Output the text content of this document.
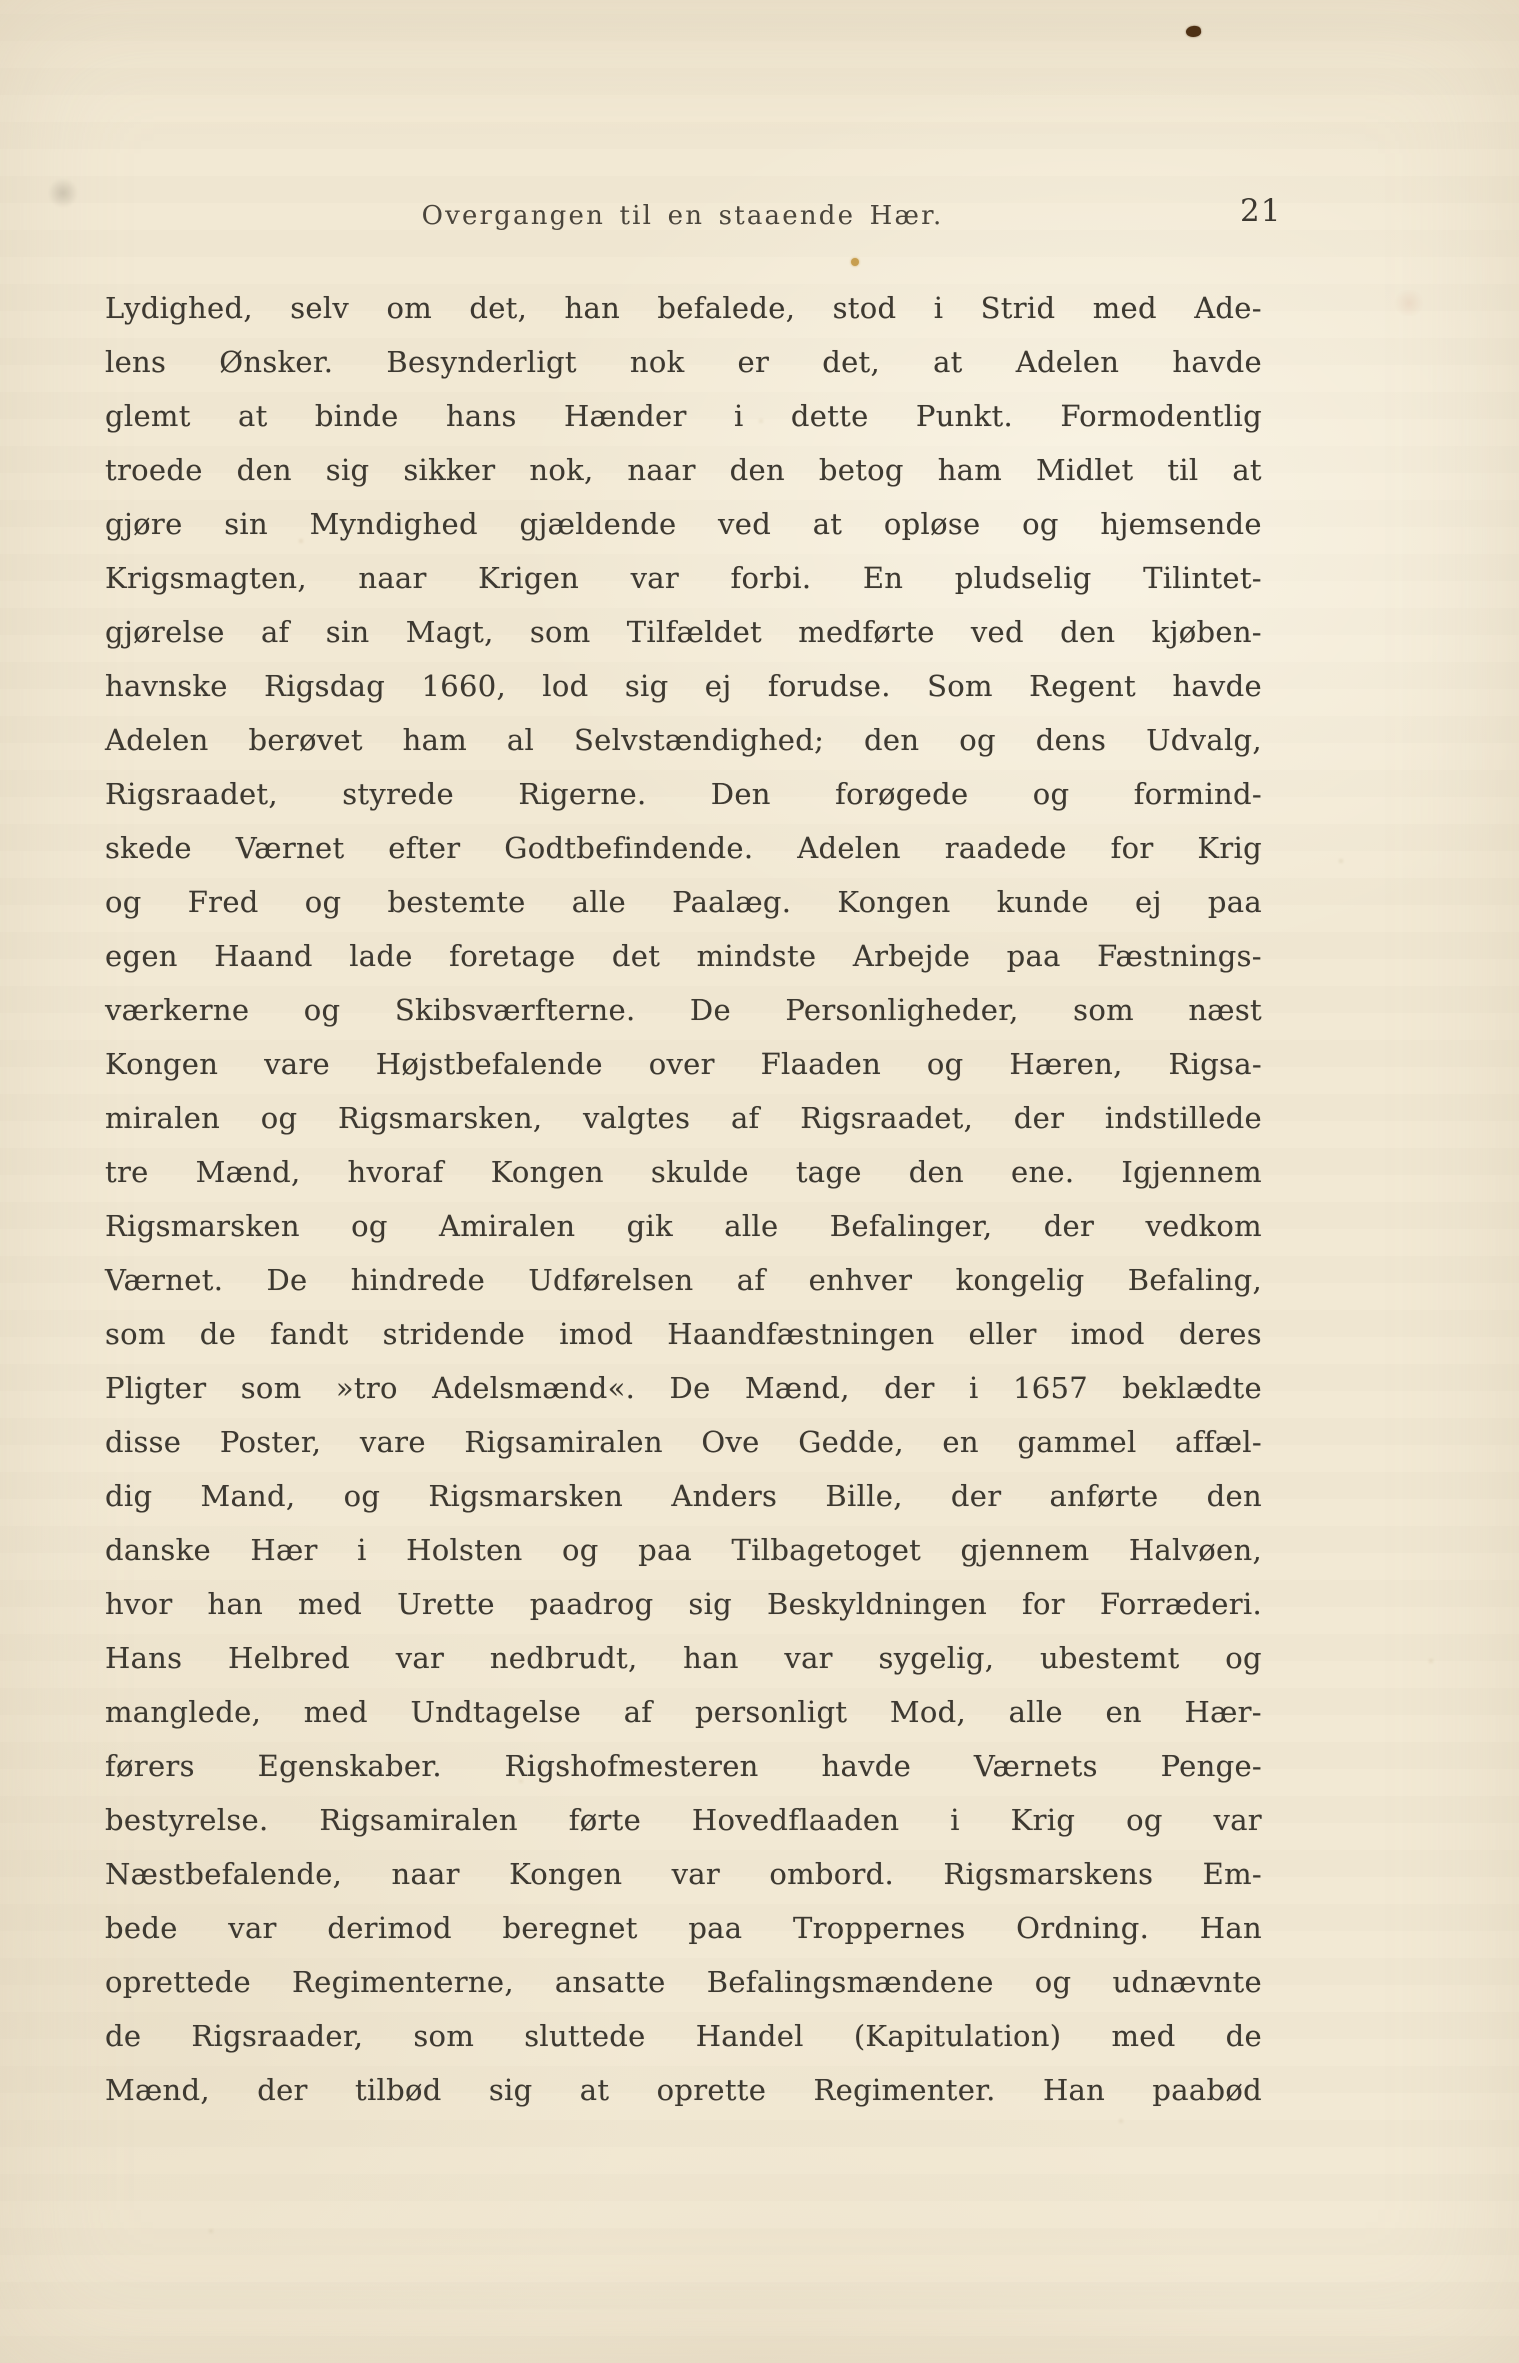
Overgangen til en staaende Hær.	21
Lydighed, selv om det, han befalede, stod i Strid med Ade-
lens Ønsker. Besynderligt nok er det, at Adelen havde
glemt at binde hans Hænder i dette Punkt. Formodentlig
troede den sig sikker nok, naar den betog ham Midlet til at
gjøre sin Myndighed gjældende ved at opløse og hjemsende
Krigsmagten, naar Krigen var forbi. En pludselig Tilintet-
gjørelse af sin Magt, som Tilfældet medførte ved den kjøben-
havnske Rigsdag 1660, lod sig ej forudse. Som Regent havde
Adelen berøvet ham al Selvstændighed; den og dens Udvalg,
Rigsraadet, styrede Rigerne. Den forøgede og formind-
skede Værnet efter Godtbefindende. Adelen raadede for Krig
og Fred og bestemte alle Paalæg. Kongen kunde ej paa
egen Haand lade foretage det mindste Arbejde paa Fæstnings-
værkerne og Skibsværfterne. De Personligheder, som næst
Kongen vare Højstbefalende over Flaaden og Hæren, Rigsa-
miralen og Rigsmarsken, valgtes af Rigsraadet, der indstillede
tre Mænd, hvoraf Kongen skulde tage den ene. Igjennem
Rigsmarsken og Amiralen gik alle Befalinger, der vedkom
Værnet. De hindrede Udførelsen af enhver kongelig Befaling,
som de fandt stridende imod Haandfæstningen eller imod deres
Pligter som »tro Adelsmænd«. De Mænd, der i 1657 beklædte
disse Poster, vare Rigsamiralen Ove Gedde, en gammel affæl-
dig Mand, og Rigsmarsken Anders Bille, der anførte den
danske Hær i Holsten og paa Tilbagetoget gjennem Halvøen,
hvor han med Urette paadrog sig Beskyldningen for Forræderi.
Hans Helbred var nedbrudt, han var sygelig, ubestemt og
manglede, med Undtagelse af personligt Mod, alle en Hær-
førers Egenskaber. Rigshofmesteren havde Værnets Penge-
bestyrelse. Rigsamiralen førte Hovedflaaden i Krig og var
Næstbefalende, naar Kongen var ombord. Rigsmarskens Em-
bede var derimod beregnet paa Troppernes Ordning. Han
oprettede Regimenterne, ansatte Befalingsmændene og udnævnte
de Rigsraader, som sluttede Handel (Kapitulation) med de
Mænd, der tilbød sig at oprette Regimenter. Han paabød
